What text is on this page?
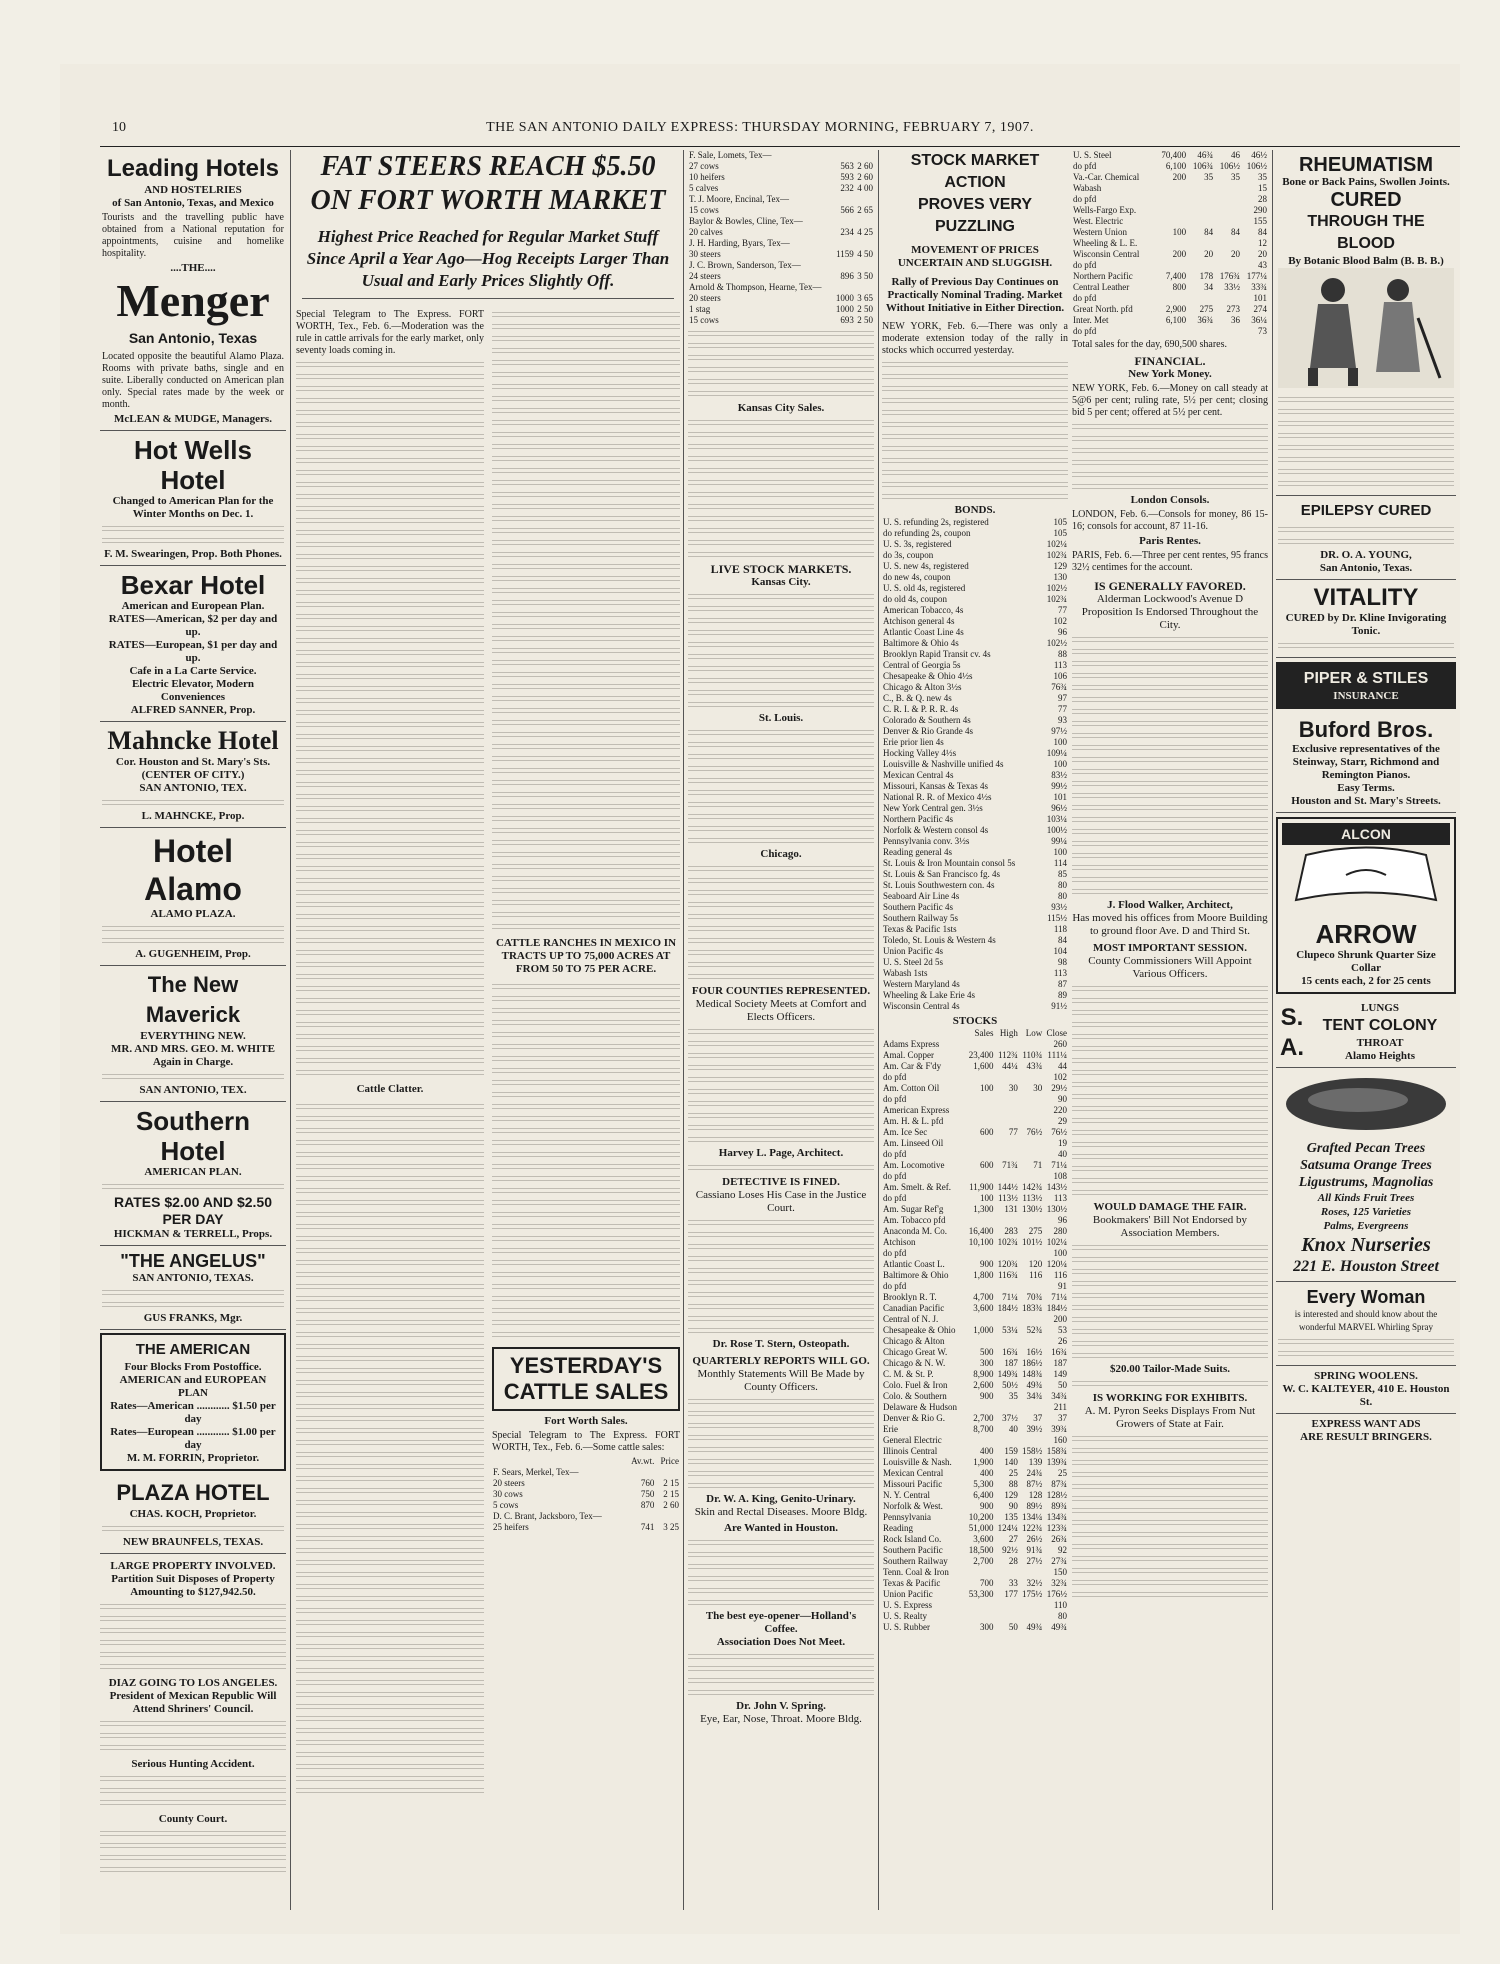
10	THE SAN ANTONIO DAILY EXPRESS: THURSDAY MORNING, FEBRUARY 7, 1907.
Leading Hotels
AND HOSTELRIES
of San Antonio, Texas, and Mexico
Tourists and the travelling public have obtained from a National reputation for appointments, cuisine and homelike hospitality.
....THE....
Menger
San Antonio, Texas
Located opposite the beautiful Alamo Plaza. Rooms with private baths, single and en suite. Liberally conducted on American plan only. Special rates made by the week or month.
McLEAN & MUDGE, Managers.
Hot Wells Hotel
Changed to American Plan for the Winter Months on Dec. 1.
F. M. Swearingen, Prop. Both Phones.
Bexar Hotel
American and European Plan.
RATES—American, $2 per day and up.
RATES—European, $1 per day and up.
Cafe in a La Carte Service.
Electric Elevator, Modern Conveniences
ALFRED SANNER, Prop.
Mahncke Hotel
Cor. Houston and St. Mary's Sts.
(CENTER OF CITY.)
SAN ANTONIO, TEX.
L. MAHNCKE, Prop.
Hotel Alamo
ALAMO PLAZA.
A. GUGENHEIM, Prop.
The New Maverick
EVERYTHING NEW.
MR. AND MRS. GEO. M. WHITE Again in Charge.
SAN ANTONIO, TEX.
Southern Hotel
AMERICAN PLAN.
RATES $2.00 AND $2.50 PER DAY
HICKMAN & TERRELL, Props.
"THE ANGELUS"
SAN ANTONIO, TEXAS.
GUS FRANKS, Mgr.
THE AMERICAN
Four Blocks From Postoffice. AMERICAN and EUROPEAN PLAN
Rates—American ............ $1.50 per day
Rates—European ............ $1.00 per day
M. M. FORRIN, Proprietor.
PLAZA HOTEL
CHAS. KOCH, Proprietor.
NEW BRAUNFELS, TEXAS.
LARGE PROPERTY INVOLVED.
Partition Suit Disposes of Property Amounting to $127,942.50.
DIAZ GOING TO LOS ANGELES.
President of Mexican Republic Will Attend Shriners' Council.
Serious Hunting Accident.
County Court.
FAT STEERS REACH $5.50
ON FORT WORTH MARKET
Highest Price Reached for Regular Market Stuff Since April a Year Ago—Hog Receipts Larger Than Usual and Early Prices Slightly Off.
Special Telegram to The Express. FORT WORTH, Tex., Feb. 6.—Moderation was the rule in cattle arrivals for the early market, only seventy loads coming in.
Cattle Clatter.
CATTLE RANCHES IN MEXICO IN TRACTS UP TO 75,000 ACRES AT FROM 50 TO 75 PER ACRE.
YESTERDAY'S
CATTLE SALES
Fort Worth Sales.
Special Telegram to The Express. FORT WORTH, Tex., Feb. 6.—Some cattle sales:
	Av.wt.	Price
F. Sears, Merkel, Tex—		
20 steers	760	2 15
30 cows	750	2 15
5 cows	870	2 60
D. C. Brant, Jacksboro, Tex—		
25 heifers	741	3 25
F. Sale, Lomets, Tex—		
27 cows	563	2 60
10 heifers	593	2 60
5 calves	232	4 00
T. J. Moore, Encinal, Tex—		
15 cows	566	2 65
Baylor & Bowles, Cline, Tex—		
20 calves	234	4 25
J. H. Harding, Byars, Tex—		
30 steers	1159	4 50
J. C. Brown, Sanderson, Tex—		
24 steers	896	3 50
Arnold & Thompson, Hearne, Tex—		
20 steers	1000	3 65
1 stag	1000	2 50
15 cows	693	2 50
Kansas City Sales.
LIVE STOCK MARKETS.
Kansas City.
St. Louis.
Chicago.
FOUR COUNTIES REPRESENTED.
Medical Society Meets at Comfort and Elects Officers.
Harvey L. Page, Architect.
DETECTIVE IS FINED.
Cassiano Loses His Case in the Justice Court.
Dr. Rose T. Stern, Osteopath.
QUARTERLY REPORTS WILL GO.
Monthly Statements Will Be Made by County Officers.
Dr. W. A. King, Genito-Urinary.
Skin and Rectal Diseases. Moore Bldg.
Are Wanted in Houston.
The best eye-opener—Holland's Coffee.
Association Does Not Meet.
Dr. John V. Spring.
Eye, Ear, Nose, Throat. Moore Bldg.
STOCK MARKET ACTION
PROVES VERY PUZZLING
MOVEMENT OF PRICES UNCERTAIN AND SLUGGISH.
Rally of Previous Day Continues on Practically Nominal Trading. Market Without Initiative in Either Direction.
NEW YORK, Feb. 6.—There was only a moderate extension today of the rally in stocks which occurred yesterday.
BONDS.
U. S. refunding 2s, registered	105
do refunding 2s, coupon	105
U. S. 3s, registered	102¼
do 3s, coupon	102¾
U. S. new 4s, registered	129
do new 4s, coupon	130
U. S. old 4s, registered	102½
do old 4s, coupon	102¾
American Tobacco, 4s	77
Atchison general 4s	102
Atlantic Coast Line 4s	96
Baltimore & Ohio 4s	102½
Brooklyn Rapid Transit cv. 4s	88
Central of Georgia 5s	113
Chesapeake & Ohio 4½s	106
Chicago & Alton 3½s	76¾
C., B. & Q. new 4s	97
C. R. I. & P. R. R. 4s	77
Colorado & Southern 4s	93
Denver & Rio Grande 4s	97½
Erie prior lien 4s	100
Hocking Valley 4½s	109¼
Louisville & Nashville unified 4s	100
Mexican Central 4s	83½
Missouri, Kansas & Texas 4s	99½
National R. R. of Mexico 4½s	101
New York Central gen. 3½s	96½
Northern Pacific 4s	103¼
Norfolk & Western consol 4s	100½
Pennsylvania conv. 3½s	99¼
Reading general 4s	100
St. Louis & Iron Mountain consol 5s	114
St. Louis & San Francisco fg. 4s	85
St. Louis Southwestern con. 4s	80
Seaboard Air Line 4s	80
Southern Pacific 4s	93½
Southern Railway 5s	115½
Texas & Pacific 1sts	118
Toledo, St. Louis & Western 4s	84
Union Pacific 4s	104
U. S. Steel 2d 5s	98
Wabash 1sts	113
Western Maryland 4s	87
Wheeling & Lake Erie 4s	89
Wisconsin Central 4s	91½
STOCKS
	Sales	High	Low	Close
Adams Express				260
Amal. Copper	23,400	112¾	110¾	111¼
Am. Car & F'dy	1,600	44¼	43¾	44
do pfd				102
Am. Cotton Oil	100	30	30	29½
do pfd				90
American Express				220
Am. H. & L. pfd				29
Am. Ice Sec	600	77	76½	76½
Am. Linseed Oil				19
do pfd				40
Am. Locomotive	600	71¾	71	71¼
do pfd				108
Am. Smelt. & Ref.	11,900	144½	142¾	143½
do pfd	100	113½	113½	113
Am. Sugar Ref'g	1,300	131	130½	130½
Am. Tobacco pfd				96
Anaconda M. Co.	16,400	283	275	280
Atchison	10,100	102¾	101½	102¼
do pfd				100
Atlantic Coast L.	900	120¾	120	120¼
Baltimore & Ohio	1,800	116¾	116	116
do pfd				91
Brooklyn R. T.	4,700	71¼	70¾	71¼
Canadian Pacific	3,600	184½	183¾	184½
Central of N. J.				200
Chesapeake & Ohio	1,000	53¼	52¾	53
Chicago & Alton				26
Chicago Great W.	500	16¾	16½	16¾
Chicago & N. W.	300	187	186½	187
C. M. & St. P.	8,900	149¾	148¾	149
Colo. Fuel & Iron	2,600	50½	49¾	50
Colo. & Southern	900	35	34¾	34¾
Delaware & Hudson				211
Denver & Rio G.	2,700	37½	37	37
Erie	8,700	40	39½	39¾
General Electric				160
Illinois Central	400	159	158½	158¾
Louisville & Nash.	1,900	140	139	139¾
Mexican Central	400	25	24¾	25
Missouri Pacific	5,300	88	87½	87¾
N. Y. Central	6,400	129	128	128½
Norfolk & West.	900	90	89½	89¾
Pennsylvania	10,200	135	134¼	134¾
Reading	51,000	124¼	122¾	123¾
Rock Island Co.	3,600	27	26½	26¾
Southern Pacific	18,500	92½	91¾	92
Southern Railway	2,700	28	27½	27¾
Tenn. Coal & Iron				150
Texas & Pacific	700	33	32½	32¾
Union Pacific	53,300	177	175½	176½
U. S. Express				110
U. S. Realty				80
U. S. Rubber	300	50	49¾	49¾
U. S. Steel	70,400	46¾	46	46½
do pfd	6,100	106¾	106½	106½
Va.-Car. Chemical	200	35	35	35
Wabash				15
do pfd				28
Wells-Fargo Exp.				290
West. Electric				155
Western Union	100	84	84	84
Wheeling & L. E.				12
Wisconsin Central	200	20	20	20
do pfd				43
Northern Pacific	7,400	178	176¾	177¼
Central Leather	800	34	33½	33¾
do pfd				101
Great North. pfd	2,900	275	273	274
Inter. Met	6,100	36¾	36	36¼
do pfd				73
Total sales for the day, 690,500 shares.
FINANCIAL.
New York Money.
NEW YORK, Feb. 6.—Money on call steady at 5@6 per cent; ruling rate, 5½ per cent; closing bid 5 per cent; offered at 5½ per cent.
London Consols.
LONDON, Feb. 6.—Consols for money, 86 15-16; consols for account, 87 11-16.
Paris Rentes.
PARIS, Feb. 6.—Three per cent rentes, 95 francs 32½ centimes for the account.
IS GENERALLY FAVORED.
Alderman Lockwood's Avenue D Proposition Is Endorsed Throughout the City.
J. Flood Walker, Architect,
Has moved his offices from Moore Building to ground floor Ave. D and Third St.
MOST IMPORTANT SESSION.
County Commissioners Will Appoint Various Officers.
WOULD DAMAGE THE FAIR.
Bookmakers' Bill Not Endorsed by Association Members.
$20.00 Tailor-Made Suits.
IS WORKING FOR EXHIBITS.
A. M. Pyron Seeks Displays From Nut Growers of State at Fair.
RHEUMATISM
Bone or Back Pains, Swollen Joints.
CURED
THROUGH THE BLOOD
By Botanic Blood Balm (B. B. B.)
EPILEPSY CURED
DR. O. A. YOUNG,
San Antonio, Texas.
VITALITY
CURED by Dr. Kline Invigorating Tonic.
PIPER & STILES
INSURANCE
Buford Bros.
Exclusive representatives of the Steinway, Starr, Richmond and Remington Pianos.
Easy Terms.
Houston and St. Mary's Streets.
ALCON
ARROW
Clupeco Shrunk Quarter Size Collar
15 cents each, 2 for 25 cents
S.
A.
LUNGS
TENT COLONY
THROAT
Alamo Heights
Grafted Pecan Trees
Satsuma Orange Trees
Ligustrums, Magnolias
All Kinds Fruit Trees
Roses, 125 Varieties
Palms, Evergreens
Knox Nurseries
221 E. Houston Street
Every Woman
is interested and should know about the wonderful MARVEL Whirling Spray
SPRING WOOLENS.
W. C. KALTEYER, 410 E. Houston St.
EXPRESS WANT ADS
ARE RESULT BRINGERS.
